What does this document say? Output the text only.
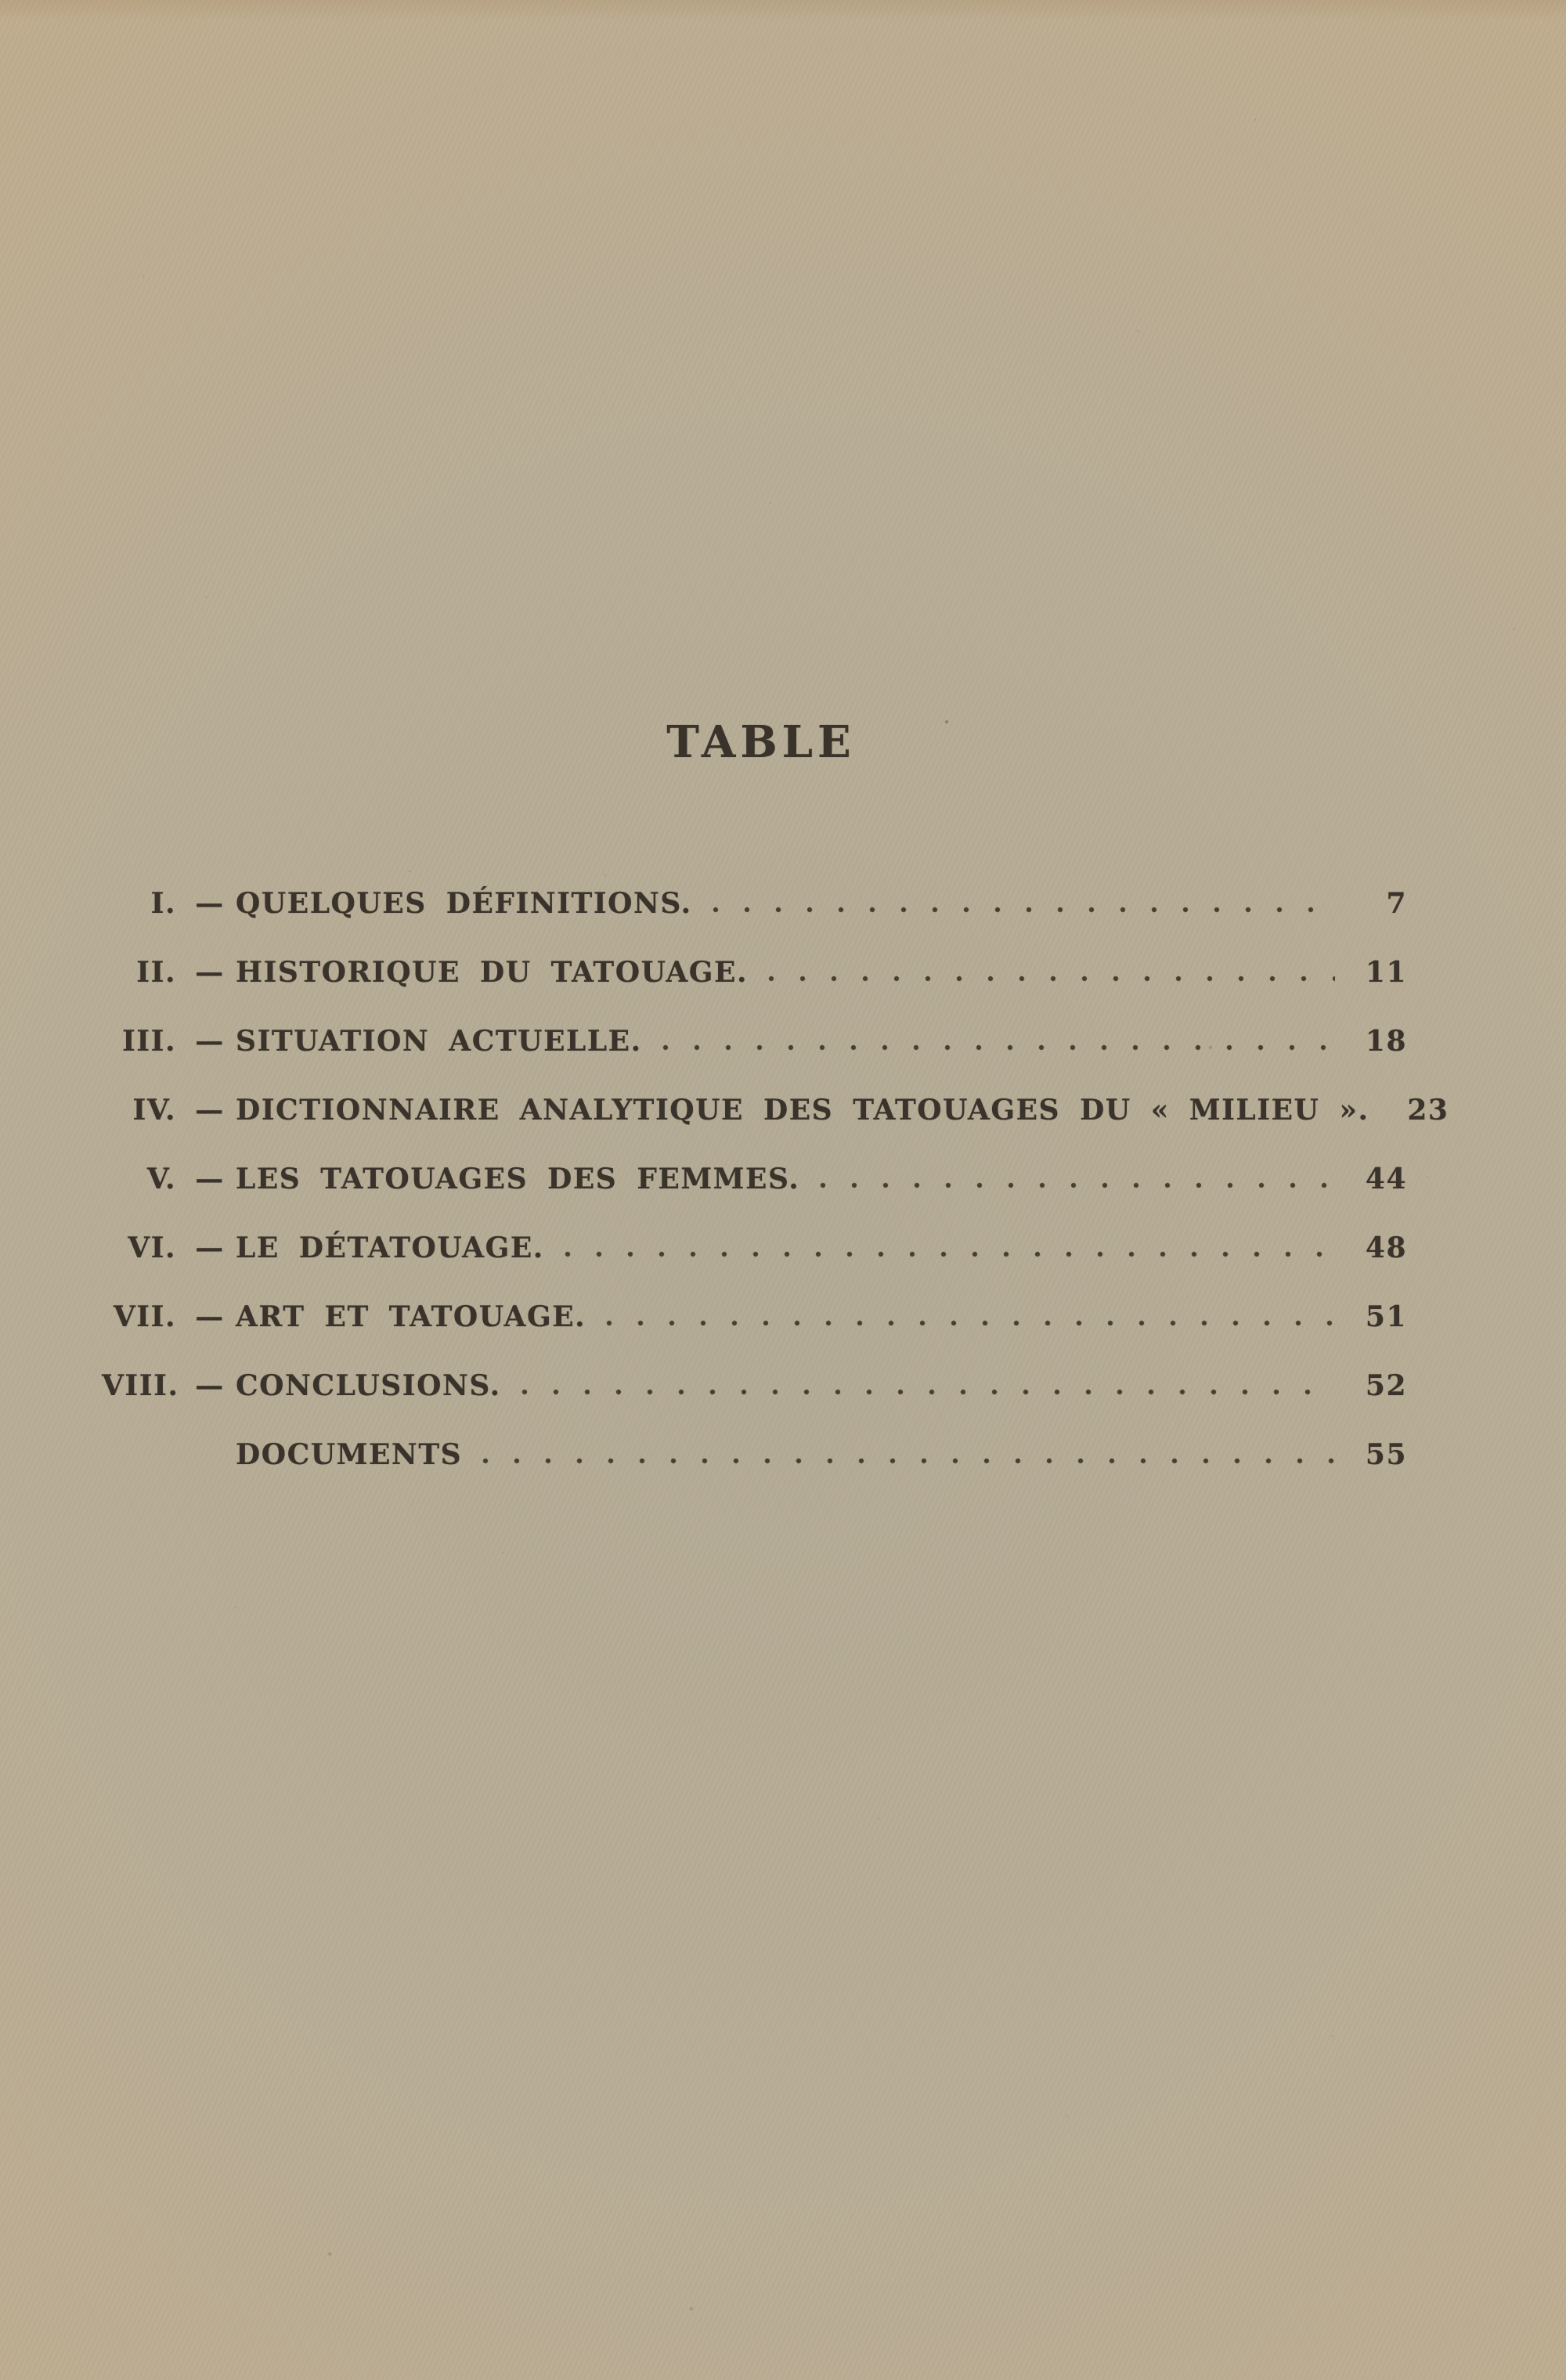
TABLE
I. — QUELQUES DÉFINITIONS.	7
II. — HISTORIQUE DU TATOUAGE.	11
III. — SITUATION ACTUELLE.	18
IV. — DICTIONNAIRE ANALYTIQUE DES TATOUAGES DU « MILIEU ».	23
V. — LES TATOUAGES DES FEMMES.	44
VI. — LE DÉTATOUAGE.	48
VII. — ART ET TATOUAGE.	51
VIII. — CONCLUSIONS.	52
DOCUMENTS	55
